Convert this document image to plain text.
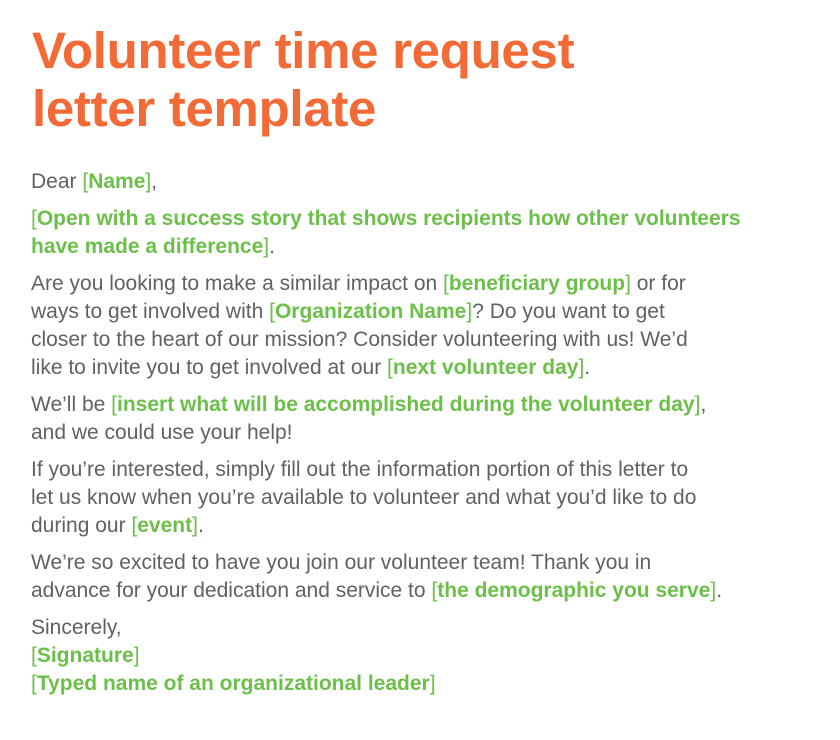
Volunteer time request
letter template

Dear [Name],

[Open with a success story that shows recipients how other volunteers
have made a difference].

Are you looking to make a similar impact on [beneficiary group] or for
ways to get involved with [Organization Name]? Do you want to get
closer to the heart of our mission? Consider volunteering with us! We’d
like to invite you to get involved at our [next volunteer day].

We’ll be [insert what will be accomplished during the volunteer day],
and we could use your help!

If you’re interested, simply fill out the information portion of this letter to
let us know when you’re available to volunteer and what you’d like to do
during our [event].

We’re so excited to have you join our volunteer team! Thank you in
advance for your dedication and service to [the demographic you serve].

Sincerely,
[Signature]
[Typed name of an organizational leader]
